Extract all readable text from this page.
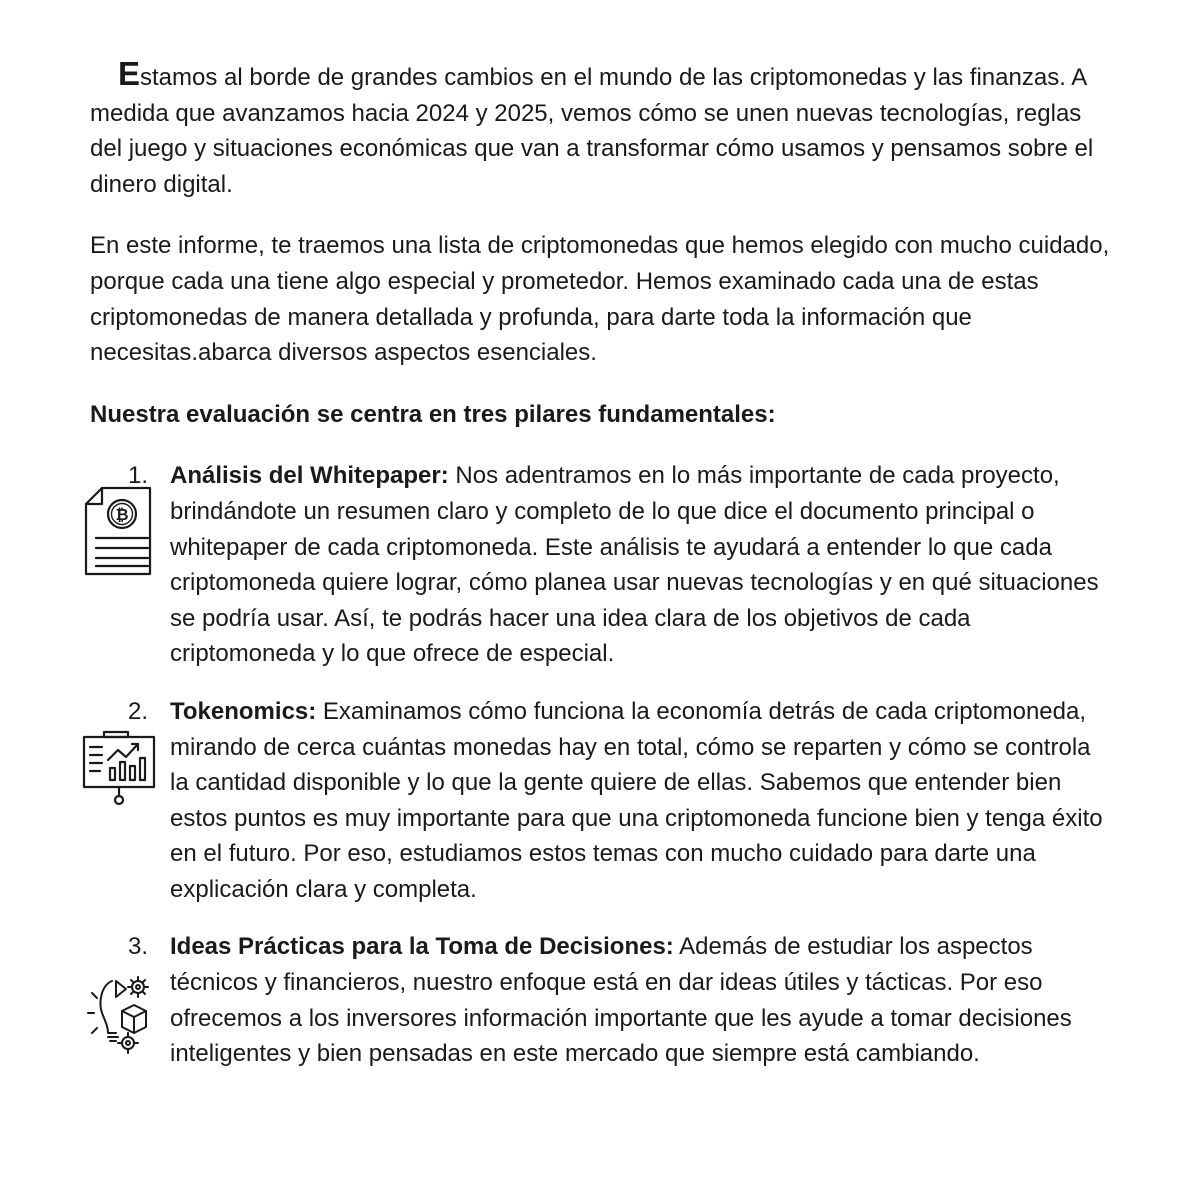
Estamos al borde de grandes cambios en el mundo de las criptomonedas y las finanzas. A medida que avanzamos hacia 2024 y 2025, vemos cómo se unen nuevas tecnologías, reglas del juego y situaciones económicas que van a transformar cómo usamos y pensamos sobre el dinero digital.

En este informe, te traemos una lista de criptomonedas que hemos elegido con mucho cuidado, porque cada una tiene algo especial y prometedor. Hemos examinado cada una de estas criptomonedas de manera detallada y profunda, para darte toda la información que necesitas.abarca diversos aspectos esenciales.

Nuestra evaluación se centra en tres pilares fundamentales:

1.
₿
Análisis del Whitepaper: Nos adentramos en lo más importante de cada proyecto, brindándote un resumen claro y completo de lo que dice el documento principal o whitepaper de cada criptomoneda. Este análisis te ayudará a entender lo que cada criptomoneda quiere lograr, cómo planea usar nuevas tecnologías y en qué situaciones se podría usar. Así, te podrás hacer una idea clara de los objetivos de cada criptomoneda y lo que ofrece de especial.
2. Tokenomics: Examinamos cómo funciona la economía detrás de cada criptomoneda, mirando de cerca cuántas monedas hay en total, cómo se reparten y cómo se controla la cantidad disponible y lo que la gente quiere de ellas. Sabemos que entender bien estos puntos es muy importante para que una criptomoneda funcione bien y tenga éxito en el futuro. Por eso, estudiamos estos temas con mucho cuidado para darte una explicación clara y completa.
3. Ideas Prácticas para la Toma de Decisiones: Además de estudiar los aspectos técnicos y financieros, nuestro enfoque está en dar ideas útiles y tácticas. Por eso ofrecemos a los inversores información importante que les ayude a tomar decisiones inteligentes y bien pensadas en este mercado que siempre está cambiando.
